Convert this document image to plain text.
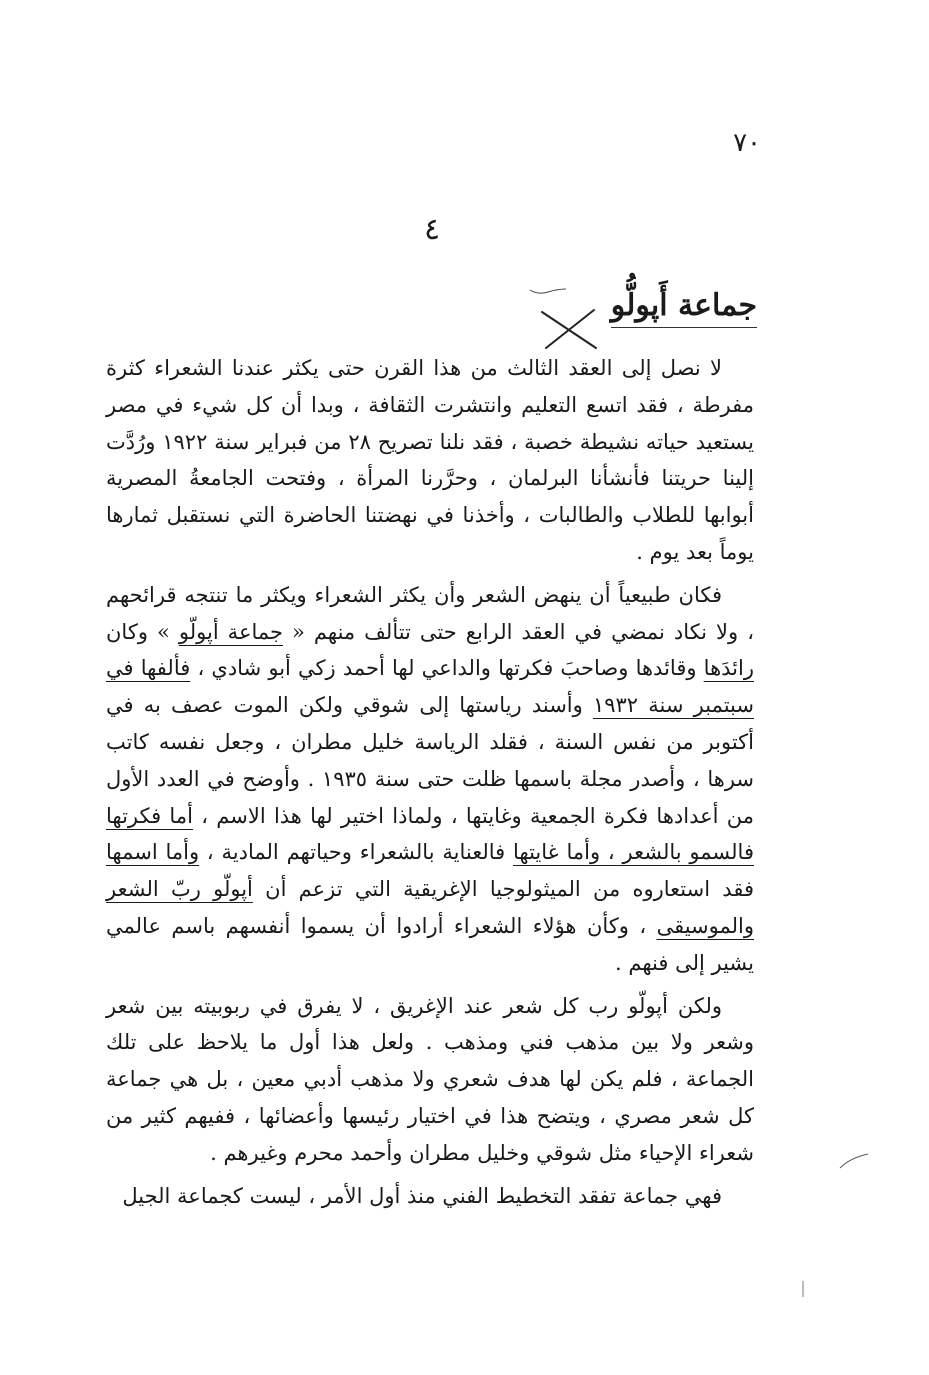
٧٠
٤
جماعة أَپولُّو

لا نصل إلى العقد الثالث من هذا القرن حتى يكثر عندنا الشعراء كثرة مفرطة ، فقد اتسع التعليم وانتشرت الثقافة ، وبدا أن كل شيء في مصر يستعيد حياته نشيطة خصبة ، فقد نلنا تصريح ٢٨ من فبراير سنة ١٩٢٢ ورُدَّت إلينا حريتنا فأنشأنا البرلمان ، وحرَّرنا المرأة ، وفتحت الجامعةُ المصرية أبوابها للطلاب والطالبات ، وأخذنا في نهضتنا الحاضرة التي نستقبل ثمارها يوماً بعد يوم .

فكان طبيعياً أن ينهض الشعر وأن يكثر الشعراء ويكثر ما تنتجه قرائحهم ، ولا نكاد نمضي في العقد الرابع حتى تتألف منهم « جماعة أپولّو » وكان رائدَها وقائدها وصاحبَ فكرتها والداعي لها أحمد زكي أبو شادي ، فألفها في سبتمبر سنة ١٩٣٢ وأسند رياستها إلى شوقي ولكن الموت عصف به في أكتوبر من نفس السنة ، فقلد الرياسة خليل مطران ، وجعل نفسه كاتب سرها ، وأصدر مجلة باسمها ظلت حتى سنة ١٩٣٥ . وأوضح في العدد الأول من أعدادها فكرة الجمعية وغايتها ، ولماذا اختير لها هذا الاسم ، أما فكرتها فالسمو بالشعر ، وأما غايتها فالعناية بالشعراء وحياتهم المادية ، وأما اسمها فقد استعاروه من الميثولوجيا الإغريقية التي تزعم أن أپولّو ربّ الشعر والموسيقى ، وكأن هؤلاء الشعراء أرادوا أن يسموا أنفسهم باسم عالمي يشير إلى فنهم .

ولكن أپولّو رب كل شعر عند الإغريق ، لا يفرق في ربوبيته بين شعر وشعر ولا بين مذهب فني ومذهب . ولعل هذا أول ما يلاحظ على تلك الجماعة ، فلم يكن لها هدف شعري ولا مذهب أدبي معين ، بل هي جماعة كل شعر مصري ، ويتضح هذا في اختيار رئيسها وأعضائها ، ففيهم كثير من شعراء الإحياء مثل شوقي وخليل مطران وأحمد محرم وغيرهم .

فهي جماعة تفقد التخطيط الفني منذ أول الأمر ، ليست كجماعة الجيل
